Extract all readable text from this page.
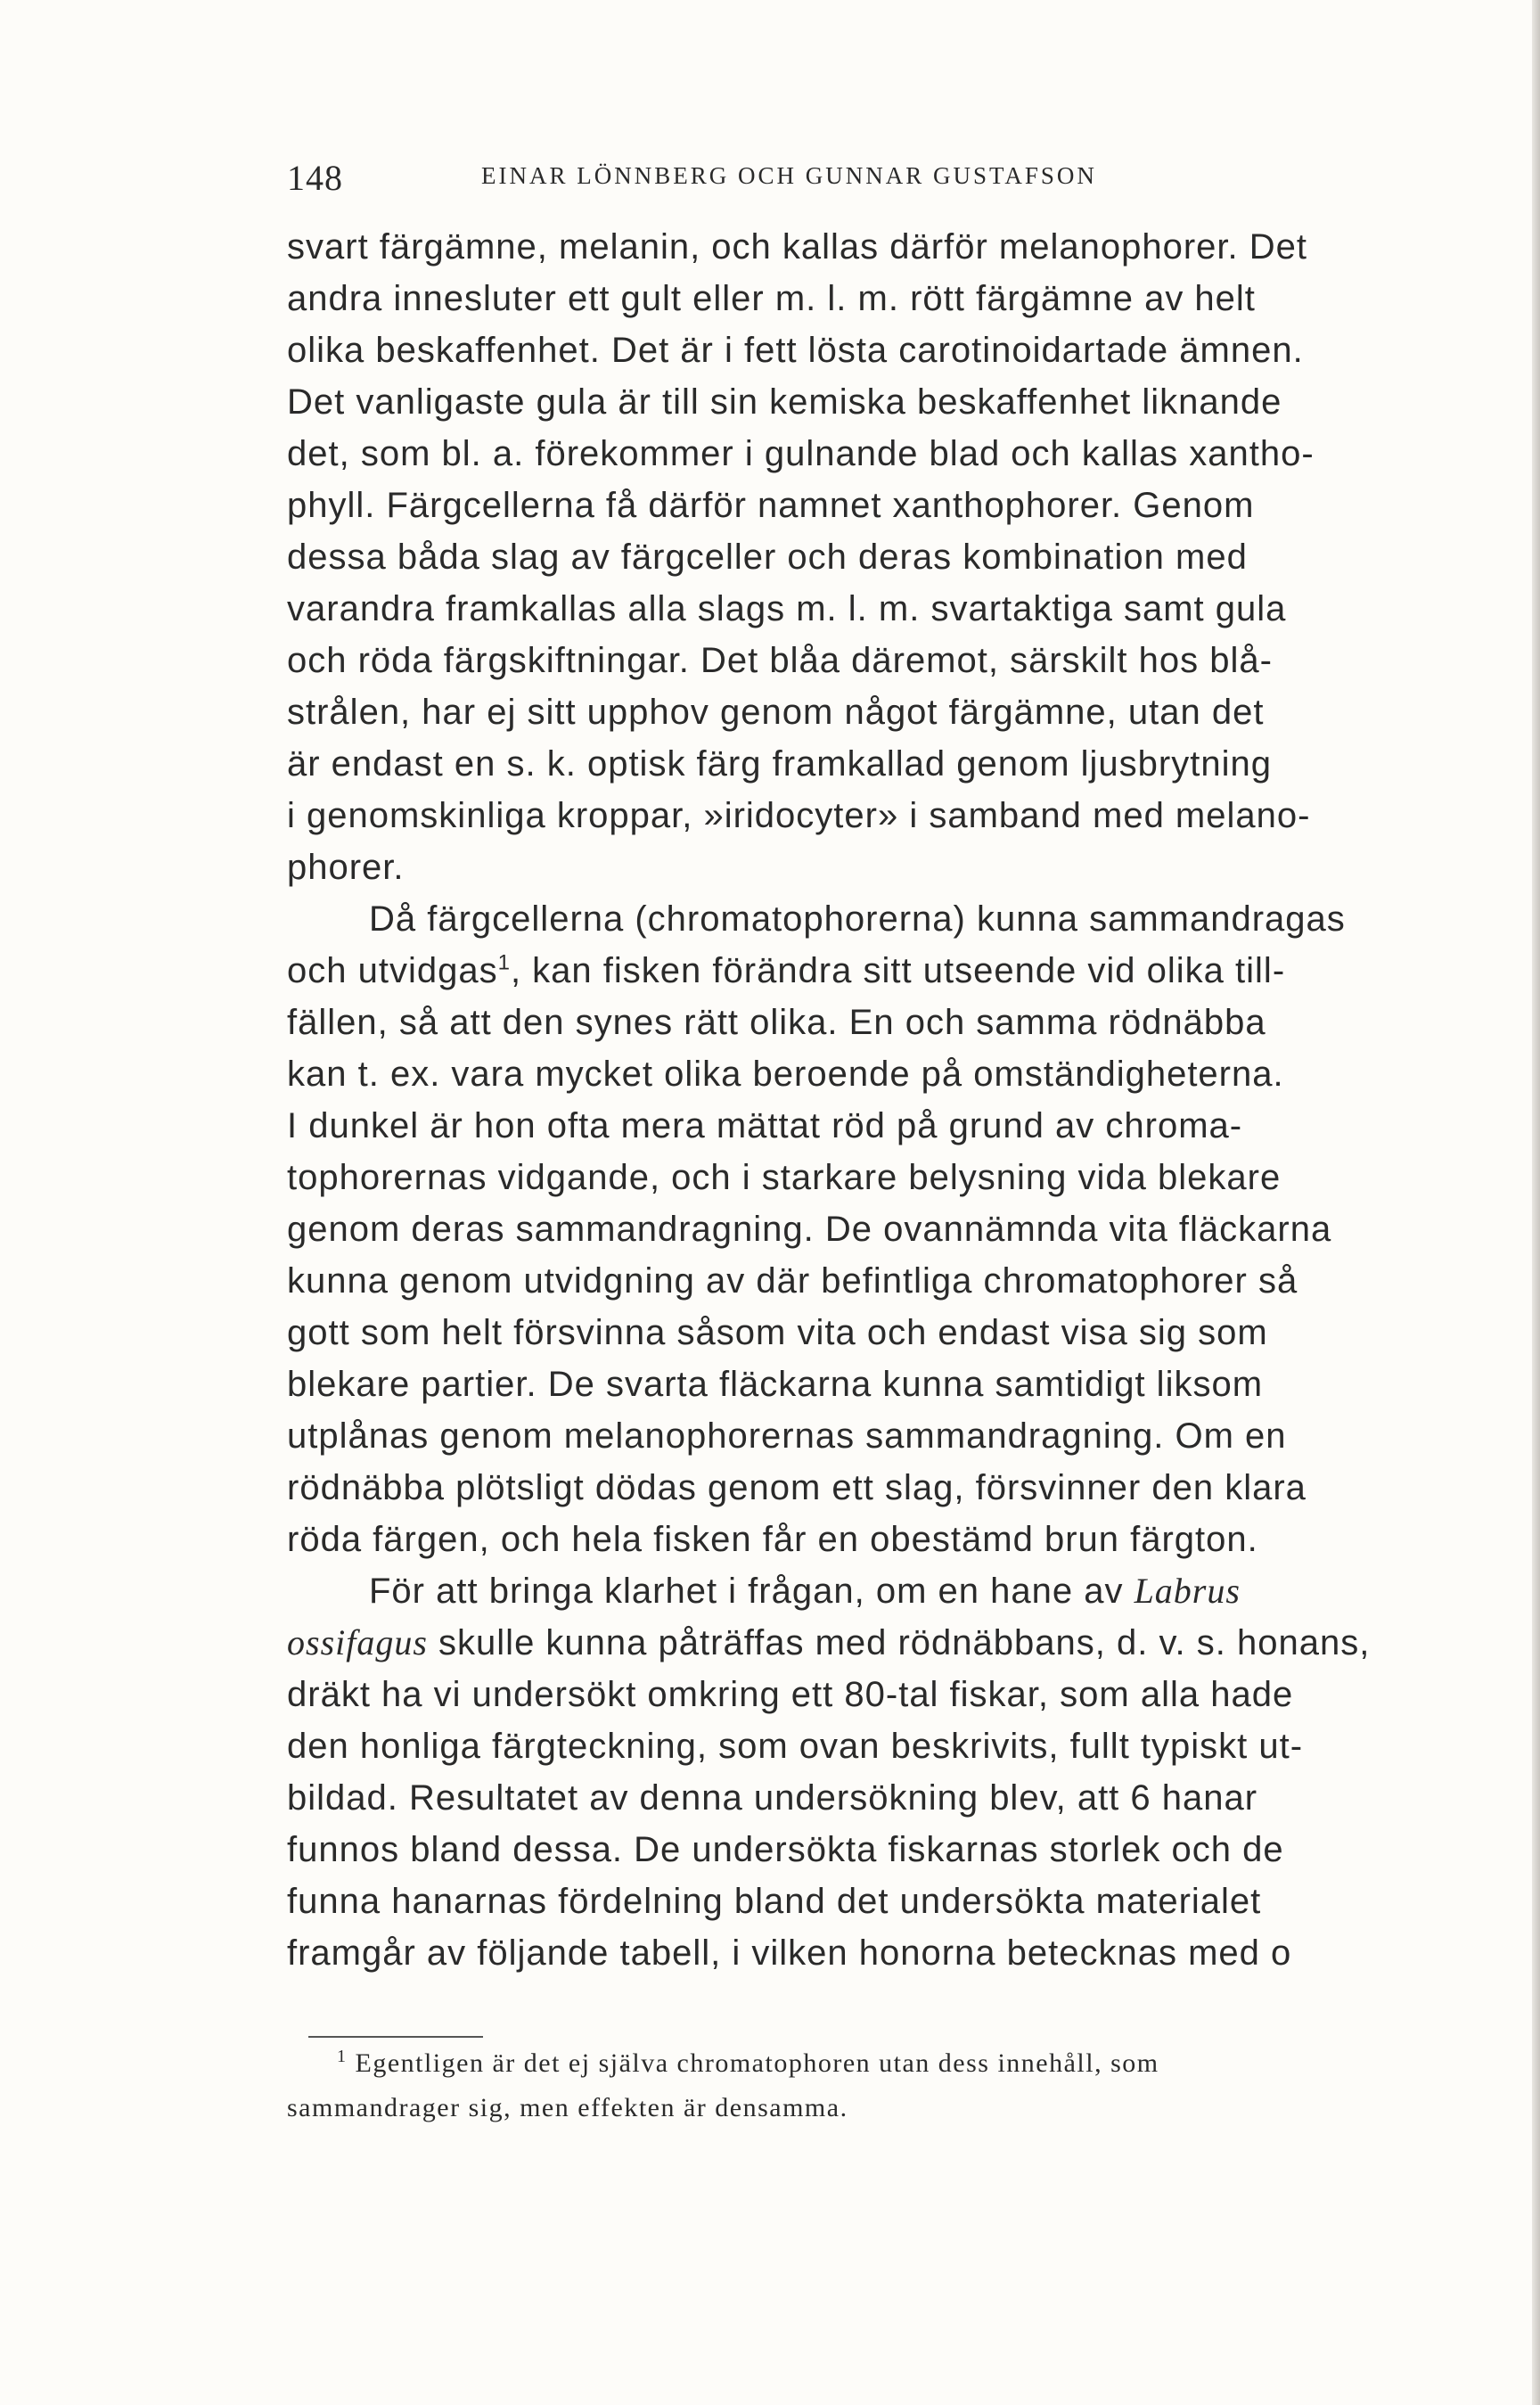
148	EINAR LÖNNBERG OCH GUNNAR GUSTAFSON
svart färgämne, melanin, och kallas därför melanophorer. Det
andra innesluter ett gult eller m. l. m. rött färgämne av helt
olika beskaffenhet. Det är i fett lösta carotinoidartade ämnen.
Det vanligaste gula är till sin kemiska beskaffenhet liknande
det, som bl. a. förekommer i gulnande blad och kallas xantho-
phyll. Färgcellerna få därför namnet xanthophorer. Genom
dessa båda slag av färgceller och deras kombination med
varandra framkallas alla slags m. l. m. svartaktiga samt gula
och röda färgskiftningar. Det blåa däremot, särskilt hos blå-
strålen, har ej sitt upphov genom något färgämne, utan det
är endast en s. k. optisk färg framkallad genom ljusbrytning
i genomskinliga kroppar, »iridocyter» i samband med melano-
phorer.
Då färgcellerna (chromatophorerna) kunna sammandragas
och utvidgas$^1$, kan fisken förändra sitt utseende vid olika till-
fällen, så att den synes rätt olika. En och samma rödnäbba
kan t. ex. vara mycket olika beroende på omständigheterna.
I dunkel är hon ofta mera mättat röd på grund av chroma-
tophorernas vidgande, och i starkare belysning vida blekare
genom deras sammandragning. De ovannämnda vita fläckarna
kunna genom utvidgning av där befintliga chromatophorer så
gott som helt försvinna såsom vita och endast visa sig som
blekare partier. De svarta fläckarna kunna samtidigt liksom
utplånas genom melanophorernas sammandragning. Om en
rödnäbba plötsligt dödas genom ett slag, försvinner den klara
röda färgen, och hela fisken får en obestämd brun färgton.
För att bringa klarhet i frågan, om en hane av Labrus
ossifagus skulle kunna påträffas med rödnäbbans, d. v. s. honans,
dräkt ha vi undersökt omkring ett 80-tal fiskar, som alla hade
den honliga färgteckning, som ovan beskrivits, fullt typiskt ut-
bildad. Resultatet av denna undersökning blev, att 6 hanar
funnos bland dessa. De undersökta fiskarnas storlek och de
funna hanarnas fördelning bland det undersökta materialet
framgår av följande tabell, i vilken honorna betecknas med o
$^1$ Egentligen är det ej själva chromatophoren utan dess innehåll, som
sammandrager sig, men effekten är densamma.
